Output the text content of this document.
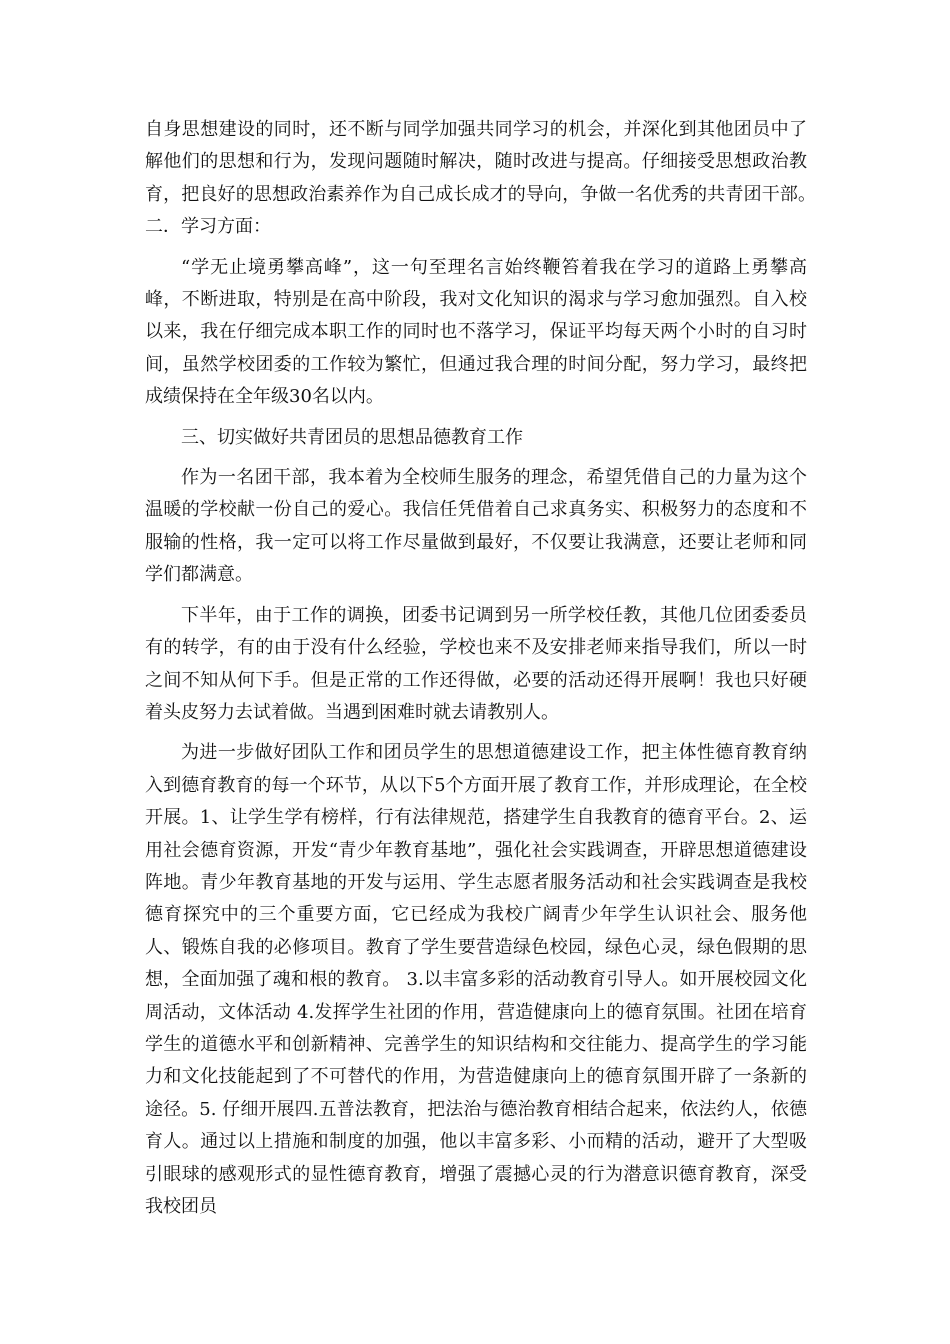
自身思想建设的同时，还不断与同学加强共同学习的机会，并深化到其他团员中了解他们的思想和行为，发现问题随时解决，随时改进与提高。仔细接受思想政治教育，把良好的思想政治素养作为自己成长成才的导向，争做一名优秀的共青团干部。　　二．学习方面：

“学无止境勇攀高峰”，这一句至理名言始终鞭笞着我在学习的道路上勇攀高峰，不断进取，特别是在高中阶段，我对文化知识的渴求与学习愈加强烈。自入校以来，我在仔细完成本职工作的同时也不落学习，保证平均每天两个小时的自习时间，虽然学校团委的工作较为繁忙，但通过我合理的时间分配，努力学习，最终把成绩保持在全年级30名以内。

三、切实做好共青团员的思想品德教育工作

作为一名团干部，我本着为全校师生服务的理念，希望凭借自己的力量为这个温暖的学校献一份自己的爱心。我信任凭借着自己求真务实、积极努力的态度和不服输的性格，我一定可以将工作尽量做到最好，不仅要让我满意，还要让老师和同学们都满意。

下半年，由于工作的调换，团委书记调到另一所学校任教，其他几位团委委员有的转学，有的由于没有什么经验，学校也来不及安排老师来指导我们，所以一时之间不知从何下手。但是正常的工作还得做，必要的活动还得开展啊！我也只好硬着头皮努力去试着做。当遇到困难时就去请教别人。

为进一步做好团队工作和团员学生的思想道德建设工作，把主体性德育教育纳入到德育教育的每一个环节，从以下5个方面开展了教育工作，并形成理论，在全校开展。1、让学生学有榜样，行有法律规范，搭建学生自我教育的德育平台。2、运用社会德育资源，开发“青少年教育基地”，强化社会实践调查，开辟思想道德建设阵地。青少年教育基地的开发与运用、学生志愿者服务活动和社会实践调查是我校德育探究中的三个重要方面，它已经成为我校广阔青少年学生认识社会、服务他人、锻炼自我的必修项目。教育了学生要营造绿色校园，绿色心灵，绿色假期的思想，全面加强了魂和根的教育。 3.以丰富多彩的活动教育引导人。如开展校园文化周活动，文体活动 4.发挥学生社团的作用，营造健康向上的德育氛围。社团在培育学生的道德水平和创新精神、完善学生的知识结构和交往能力、提高学生的学习能力和文化技能起到了不可替代的作用，为营造健康向上的德育氛围开辟了一条新的途径。5. 仔细开展四.五普法教育，把法治与德治教育相结合起来，依法约人，依德育人。通过以上措施和制度的加强，他以丰富多彩、小而精的活动，避开了大型吸引眼球的感观形式的显性德育教育，增强了震撼心灵的行为潜意识德育教育，深受我校团员
